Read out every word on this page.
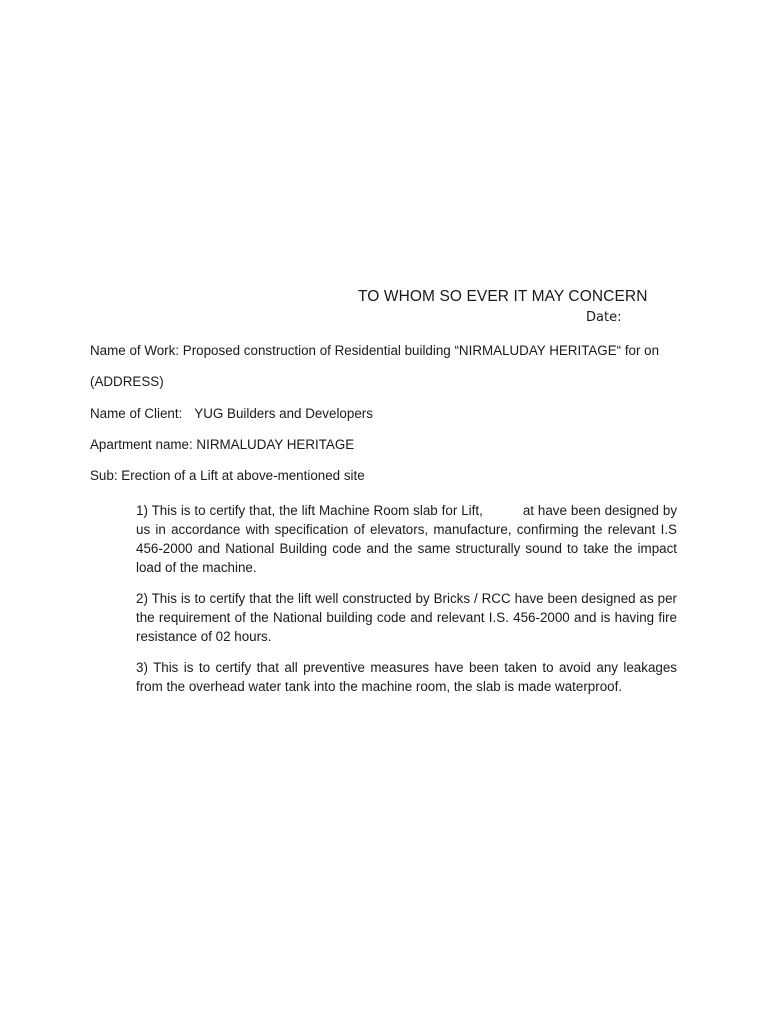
TO WHOM SO EVER IT MAY CONCERN
Date:
Name of Work: Proposed construction of Residential building “NIRMALUDAY HERITAGE“ for on
(ADDRESS)
Name of Client: YUG Builders and Developers
Apartment name: NIRMALUDAY HERITAGE
Sub: Erection of a Lift at above-mentioned site

1) This is to certify that, the lift Machine Room slab for Lift,	at have been designed by us in accordance with specification of elevators, manufacture, confirming the relevant I.S 456-2000 and National Building code and the same structurally sound to take the impact load of the machine.

2) This is to certify that the lift well constructed by Bricks / RCC have been designed as per the requirement of the National building code and relevant I.S. 456-2000 and is having fire resistance of 02 hours.

3) This is to certify that all preventive measures have been taken to avoid any leakages from the overhead water tank into the machine room, the slab is made waterproof.
